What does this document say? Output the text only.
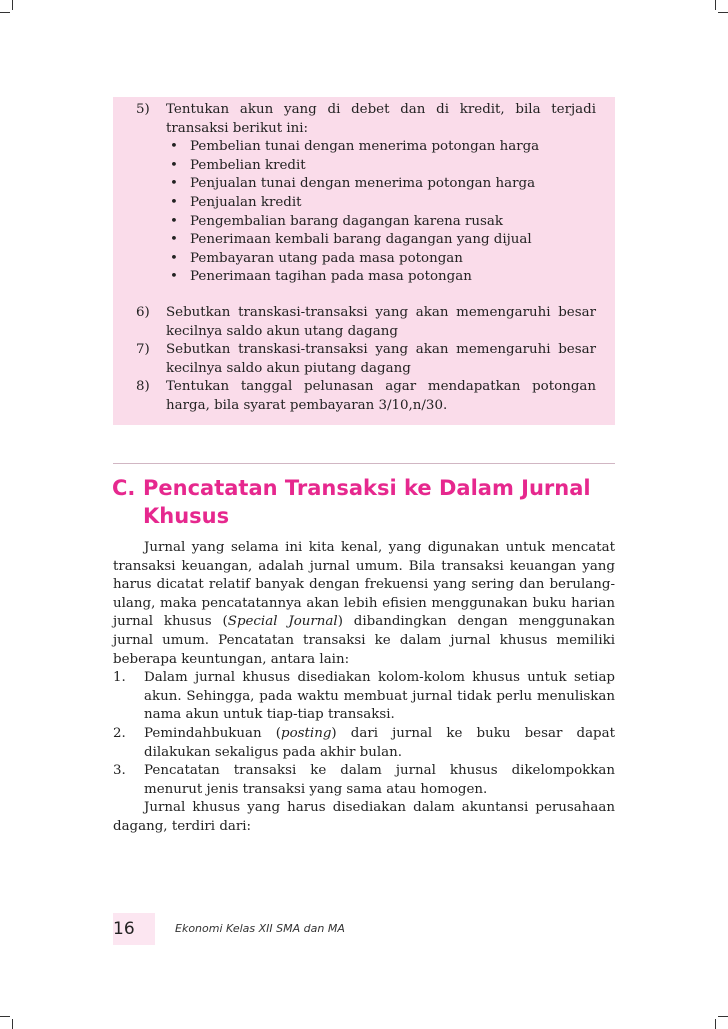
5) Tentukan akun yang di debet dan di kredit, bila terjadi transaksi berikut ini:
• Pembelian tunai dengan menerima potongan harga
• Pembelian kredit
• Penjualan tunai dengan menerima potongan harga
• Penjualan kredit
• Pengembalian barang dagangan karena rusak
• Penerimaan kembali barang dagangan yang dijual
• Pembayaran utang pada masa potongan
• Penerimaan tagihan pada masa potongan
6) Sebutkan transkasi-transaksi yang akan memengaruhi besar kecilnya saldo akun utang dagang
7) Sebutkan transkasi-transaksi yang akan memengaruhi besar kecilnya saldo akun piutang dagang
8) Tentukan tanggal pelunasan agar mendapatkan potongan harga, bila syarat pembayaran 3/10,n/30.
C. Pencatatan Transaksi ke Dalam Jurnal Khusus
Jurnal yang selama ini kita kenal, yang digunakan untuk mencatat transaksi keuangan, adalah jurnal umum. Bila transaksi keuangan yang harus dicatat relatif banyak dengan frekuensi yang sering dan berulang-ulang, maka pencatatannya akan lebih efisien menggunakan buku harian jurnal khusus (Special Journal) dibandingkan dengan menggunakan jurnal umum. Pencatatan transaksi ke dalam jurnal khusus memiliki beberapa keuntungan, antara lain:
1. Dalam jurnal khusus disediakan kolom-kolom khusus untuk setiap akun. Sehingga, pada waktu membuat jurnal tidak perlu menuliskan nama akun untuk tiap-tiap transaksi.
2. Pemindahbukuan (posting) dari jurnal ke buku besar dapat dilakukan sekaligus pada akhir bulan.
3. Pencatatan transaksi ke dalam jurnal khusus dikelompokkan menurut jenis transaksi yang sama atau homogen.
Jurnal khusus yang harus disediakan dalam akuntansi perusahaan dagang, terdiri dari:
16	Ekonomi Kelas XII SMA dan MA
